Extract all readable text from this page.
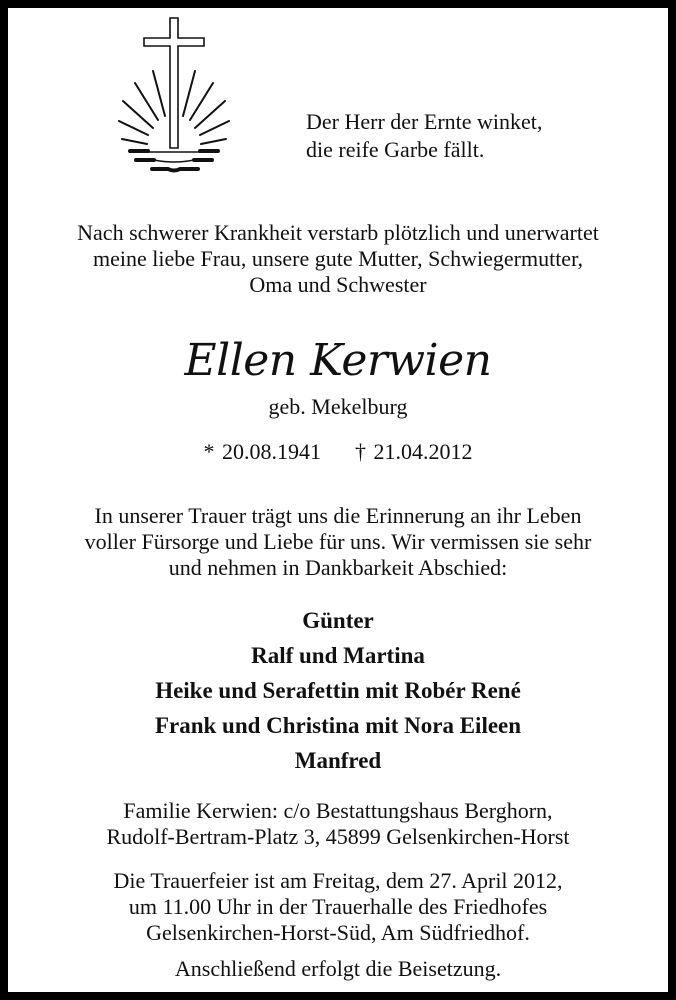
Der Herr der Ernte winket,
die reife Garbe fällt.
Nach schwerer Krankheit verstarb plötzlich und unerwartet
meine liebe Frau, unsere gute Mutter, Schwiegermutter,
Oma und Schwester
Ellen Kerwien
geb. Mekelburg
* 20.08.1941 † 21.04.2012
In unserer Trauer trägt uns die Erinnerung an ihr Leben
voller Fürsorge und Liebe für uns. Wir vermissen sie sehr
und nehmen in Dankbarkeit Abschied:
Günter
Ralf und Martina
Heike und Serafettin mit Robér René
Frank und Christina mit Nora Eileen
Manfred
Familie Kerwien: c/o Bestattungshaus Berghorn,
Rudolf-Bertram-Platz 3, 45899 Gelsenkirchen-Horst
Die Trauerfeier ist am Freitag, dem 27. April 2012,
um 11.00 Uhr in der Trauerhalle des Friedhofes
Gelsenkirchen-Horst-Süd, Am Südfriedhof.
Anschließend erfolgt die Beisetzung.
